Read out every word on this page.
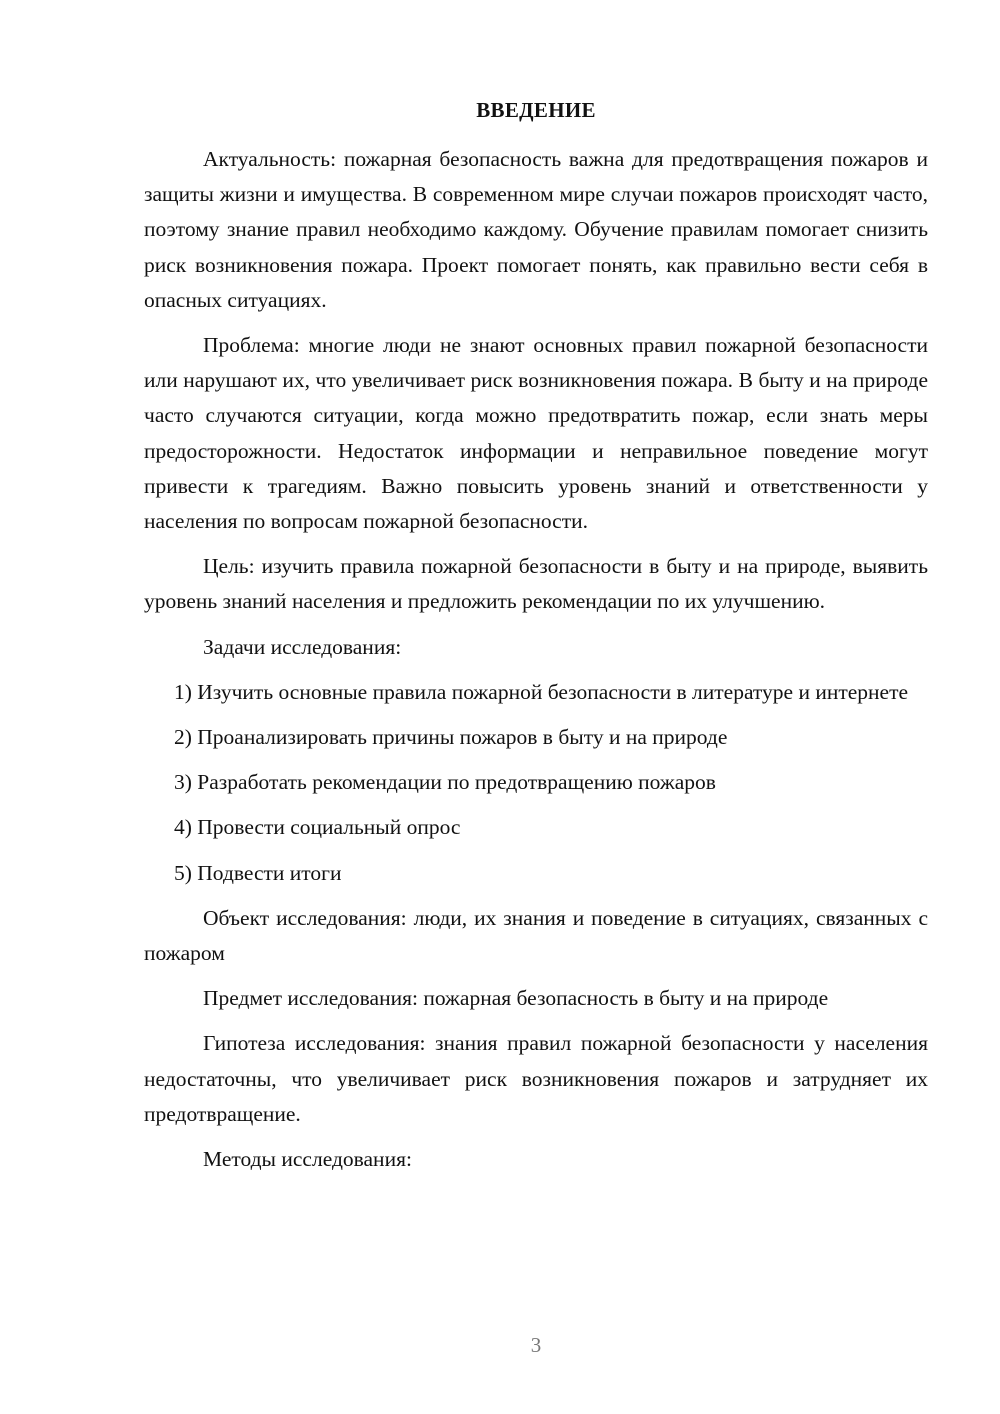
ВВЕДЕНИЕ

Актуальность: пожарная безопасность важна для предотвращения пожаров и защиты жизни и имущества. В современном мире случаи пожаров происходят часто, поэтому знание правил необходимо каждому. Обучение правилам помогает снизить риск возникновения пожара. Проект помогает понять, как правильно вести себя в опасных ситуациях.

Проблема: многие люди не знают основных правил пожарной безопасности или нарушают их, что увеличивает риск возникновения пожара. В быту и на природе часто случаются ситуации, когда можно предотвратить пожар, если знать меры предосторожности. Недостаток информации и неправильное поведение могут привести к трагедиям. Важно повысить уровень знаний и ответственности у населения по вопросам пожарной безопасности.

Цель: изучить правила пожарной безопасности в быту и на природе, выявить уровень знаний населения и предложить рекомендации по их улучшению.

Задачи исследования:

1) Изучить основные правила пожарной безопасности в литературе и интернете

2) Проанализировать причины пожаров в быту и на природе

3) Разработать рекомендации по предотвращению пожаров

4) Провести социальный опрос

5) Подвести итоги

Объект исследования: люди, их знания и поведение в ситуациях, связанных с пожаром

Предмет исследования: пожарная безопасность в быту и на природе

Гипотеза исследования: знания правил пожарной безопасности у населения недостаточны, что увеличивает риск возникновения пожаров и затрудняет их предотвращение.

Методы исследования:

3
